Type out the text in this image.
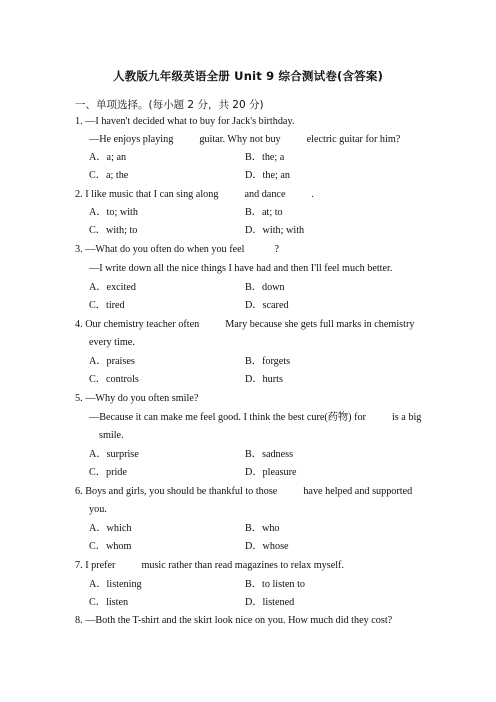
人教版九年级英语全册 Unit 9 综合测试卷(含答案)
一、单项选择。(每小题 2 分，共 20 分)
1. —I haven't decided what to buy for Jack's birthday.
—He enjoys playing	guitar. Why not buy	electric guitar for him?
A．a; an	B．the; a
C．a; the	D．the; an
2. I like music that I can sing along	and dance	.
A．to; with	B．at; to
C．with; to	D．with; with
3. —What do you often do when you feel	?
—I write down all the nice things I have had and then I'll feel much better.
A．excited	B．down
C．tired	D．scared
4. Our chemistry teacher often	Mary because she gets full marks in chemistry
every time.
A．praises	B．forgets
C．controls	D．hurts
5. —Why do you often smile?
—Because it can make me feel good. I think the best cure(药物) for	is a big
smile.
A．surprise	B．sadness
C．pride	D．pleasure
6. Boys and girls, you should be thankful to those	have helped and supported
you.
A．which	B．who
C．whom	D．whose
7. I prefer	music rather than read magazines to relax myself.
A．listening	B．to listen to
C．listen	D．listened
8. —Both the T-shirt and the skirt look nice on you. How much did they cost?
